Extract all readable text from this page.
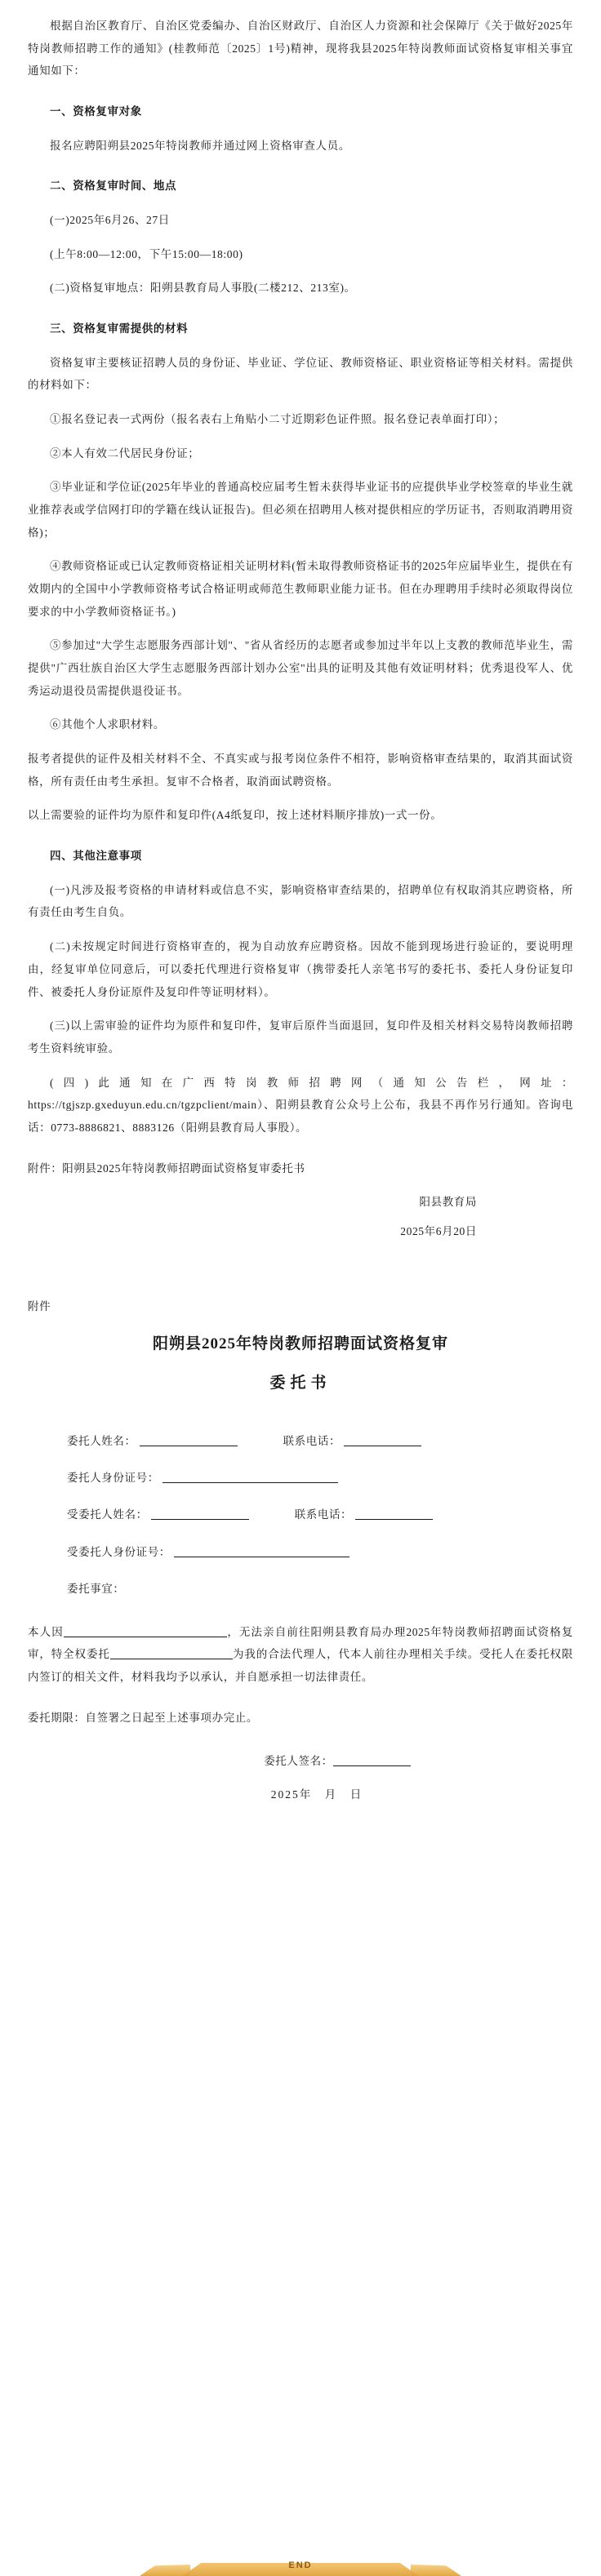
根据自治区教育厅、自治区党委编办、自治区财政厅、自治区人力资源和社会保障厅《关于做好2025年特岗教师招聘工作的通知》(桂教师范〔2025〕1号)精神，现将我县2025年特岗教师面试资格复审相关事宜通知如下：

一、资格复审对象

报名应聘阳朔县2025年特岗教师并通过网上资格审查人员。

二、资格复审时间、地点

(一)2025年6月26、27日

(上午8:00—12:00，下午15:00—18:00)

(二)资格复审地点：阳朔县教育局人事股(二楼212、213室)。

三、资格复审需提供的材料

资格复审主要核证招聘人员的身份证、毕业证、学位证、教师资格证、职业资格证等相关材料。需提供的材料如下：

①报名登记表一式两份（报名表右上角贴小二寸近期彩色证件照。报名登记表单面打印）；

②本人有效二代居民身份证；

③毕业证和学位证(2025年毕业的普通高校应届考生暂未获得毕业证书的应提供毕业学校签章的毕业生就业推荐表或学信网打印的学籍在线认证报告)。但必须在招聘用人核对提供相应的学历证书，否则取消聘用资格)；

④教师资格证或已认定教师资格证相关证明材料(暂未取得教师资格证书的2025年应届毕业生，提供在有效期内的全国中小学教师资格考试合格证明或师范生教师职业能力证书。但在办理聘用手续时必须取得岗位要求的中小学教师资格证书。)

⑤参加过"大学生志愿服务西部计划"、"省从省经历的志愿者或参加过半年以上支教的教师范毕业生，需提供"广西壮族自治区大学生志愿服务西部计划办公室"出具的证明及其他有效证明材料；优秀退役军人、优秀运动退役员需提供退役证书。

⑥其他个人求职材料。

报考者提供的证件及相关材料不全、不真实或与报考岗位条件不相符，影响资格审查结果的，取消其面试资格，所有责任由考生承担。复审不合格者，取消面试聘资格。

以上需要验的证件均为原件和复印件(A4纸复印，按上述材料顺序排放)一式一份。

四、其他注意事项

(一)凡涉及报考资格的申请材料或信息不实，影响资格审查结果的，招聘单位有权取消其应聘资格，所有责任由考生自负。

(二)未按规定时间进行资格审查的，视为自动放弃应聘资格。因故不能到现场进行验证的，要说明理由，经复审单位同意后，可以委托代理进行资格复审（携带委托人亲笔书写的委托书、委托人身份证复印件、被委托人身份证原件及复印件等证明材料）。

(三)以上需审验的证件均为原件和复印件，复审后原件当面退回，复印件及相关材料交易特岗教师招聘考生资料统审验。

(四)此通知在广西特岗教师招聘网（通知公告栏，网址：https://tgjszp.gxeduyun.edu.cn/tgzpclient/main）、阳朔县教育公众号上公布，我县不再作另行通知。咨询电话：0773-8886821、8883126（阳朔县教育局人事股）。

附件：阳朔县2025年特岗教师招聘面试资格复审委托书

阳县教育局

2025年6月20日

附件

阳朔县2025年特岗教师招聘面试资格复审

委托书

委托人姓名：	联系电话：
委托人身份证号：
受委托人姓名：	联系电话：
受委托人身份证号：
委托事宜：

本人因	，无法亲自前往阳朔县教育局办理2025年特岗教师招聘面试资格复审，特全权委托	为我的合法代理人，代本人前往办理相关手续。受托人在委托权限内签订的相关文件，材料我均予以承认，并自愿承担一切法律责任。

委托期限：自签署之日起至上述事项办完止。

委托人签名：
2025年　月　日
END
